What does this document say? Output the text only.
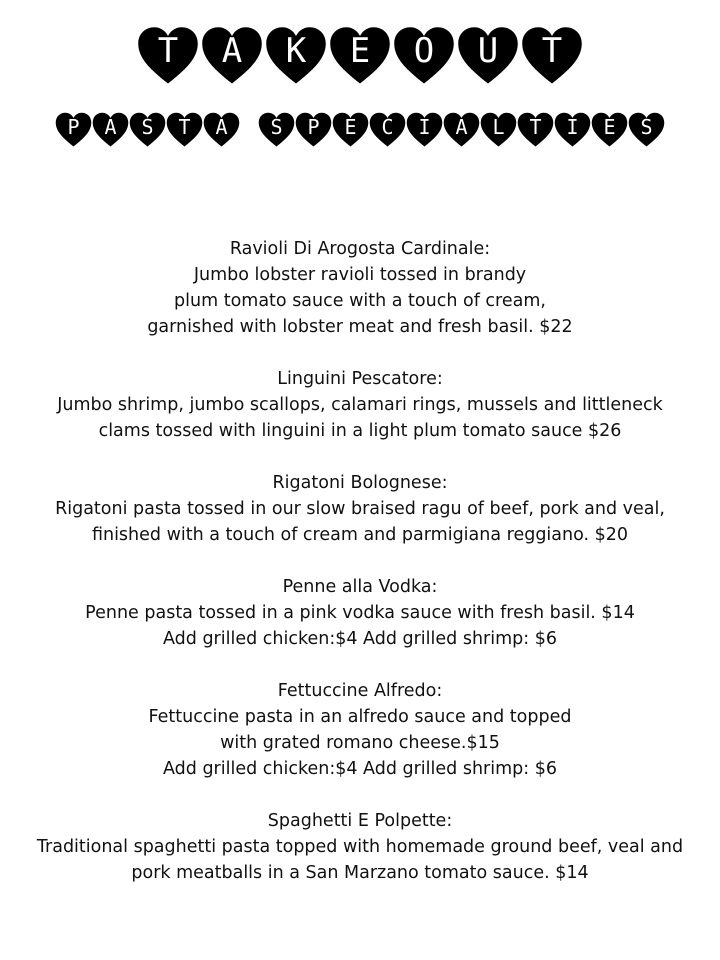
T	A	K	E	O	U	T
P	A	S	T	A	S	P	E	C	I	A	L	T	I	E	S

Ravioli Di Arogosta Cardinale:

Jumbo lobster ravioli tossed in brandy

plum tomato sauce with a touch of cream,

garnished with lobster meat and fresh basil. $22

Linguini Pescatore:

Jumbo shrimp, jumbo scallops, calamari rings, mussels and littleneck

clams tossed with linguini in a light plum tomato sauce $26

Rigatoni Bolognese:

Rigatoni pasta tossed in our slow braised ragu of beef, pork and veal,

finished with a touch of cream and parmigiana reggiano. $20

Penne alla Vodka:

Penne pasta tossed in a pink vodka sauce with fresh basil. $14

Add grilled chicken:$4 Add grilled shrimp: $6

Fettuccine Alfredo:

Fettuccine pasta in an alfredo sauce and topped

with grated romano cheese.$15

Add grilled chicken:$4 Add grilled shrimp: $6

Spaghetti E Polpette:

Traditional spaghetti pasta topped with homemade ground beef, veal and

pork meatballs in a San Marzano tomato sauce. $14
